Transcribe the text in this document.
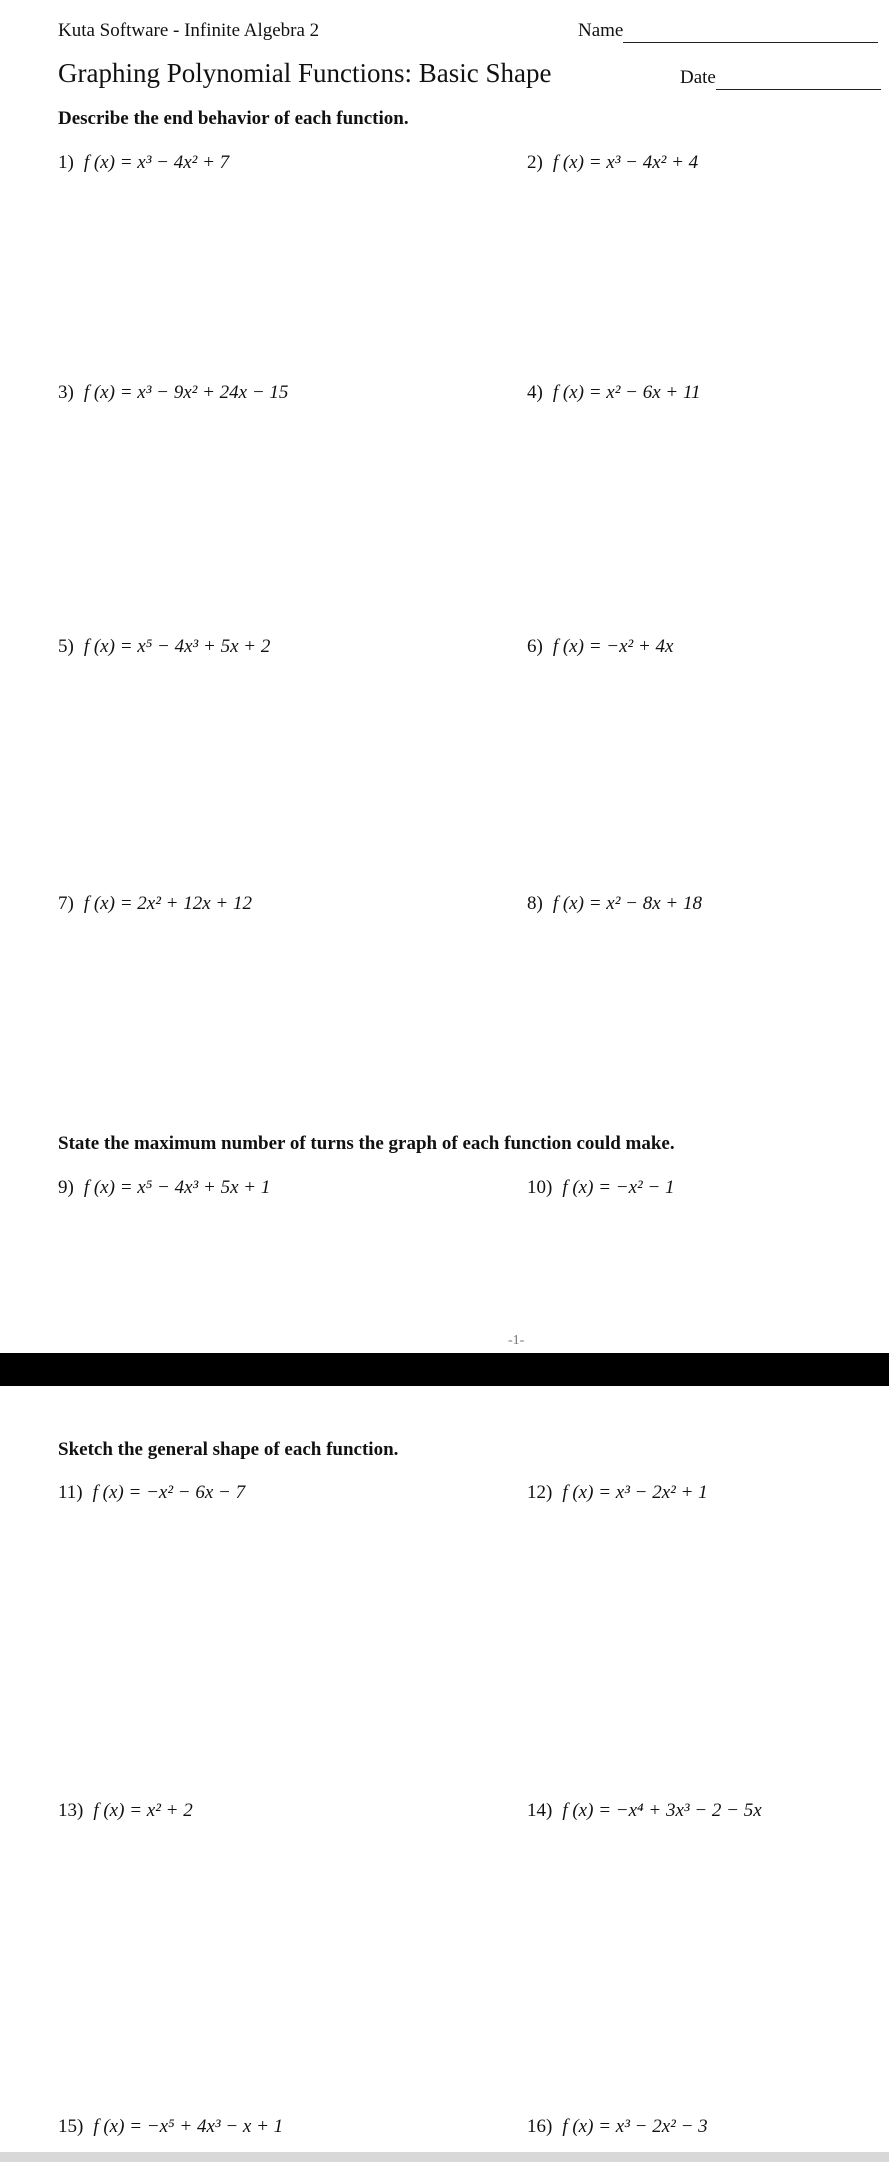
Kuta Software - Infinite Algebra 2	Name
Graphing Polynomial Functions: Basic Shape	Date
Describe the end behavior of each function.
1) f (x) = x³ − 4x² + 7	2) f (x) = x³ − 4x² + 4
3) f (x) = x³ − 9x² + 24x − 15	4) f (x) = x² − 6x + 11
5) f (x) = x⁵ − 4x³ + 5x + 2	6) f (x) = −x² + 4x
7) f (x) = 2x² + 12x + 12	8) f (x) = x² − 8x + 18
State the maximum number of turns the graph of each function could make.
9) f (x) = x⁵ − 4x³ + 5x + 1	10) f (x) = −x² − 1
-1-
Sketch the general shape of each function.
11) f (x) = −x² − 6x − 7	12) f (x) = x³ − 2x² + 1
13) f (x) = x² + 2	14) f (x) = −x⁴ + 3x³ − 2 − 5x
15) f (x) = −x⁵ + 4x³ − x + 1	16) f (x) = x³ − 2x² − 3
